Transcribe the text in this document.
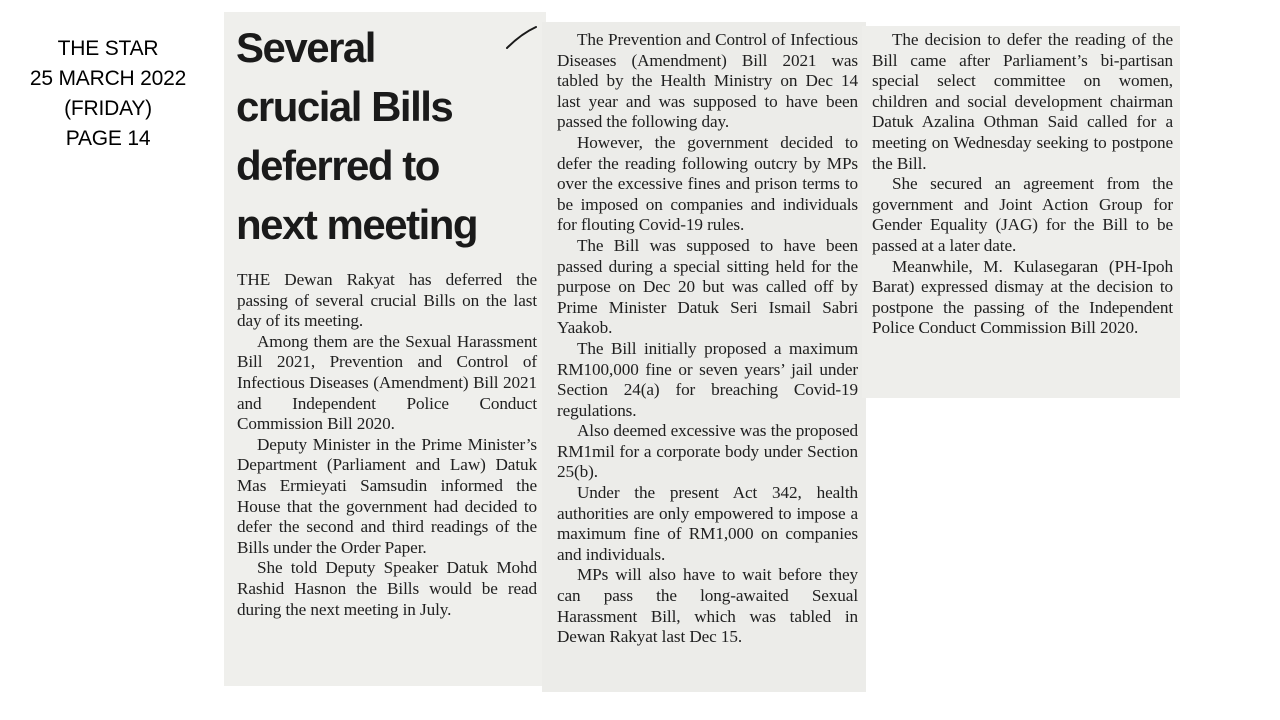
THE STAR
25 MARCH 2022
(FRIDAY)
PAGE 14
Several
crucial Bills
deferred to
next meeting

THE Dewan Rakyat has deferred the passing of several crucial Bills on the last day of its meeting.

Among them are the Sexual Harassment Bill 2021, Prevention and Control of Infectious Diseases (Amendment) Bill 2021 and Independent Police Conduct Commission Bill 2020.

Deputy Minister in the Prime Minister’s Department (Parliament and Law) Datuk Mas Ermieyati Samsudin informed the House that the government had decided to defer the second and third readings of the Bills under the Order Paper.

She told Deputy Speaker Datuk Mohd Rashid Hasnon the Bills would be read during the next meeting in July.

The Prevention and Control of Infectious Diseases (Amendment) Bill 2021 was tabled by the Health Ministry on Dec 14 last year and was supposed to have been passed the following day.

However, the government decided to defer the reading following outcry by MPs over the excessive fines and prison terms to be imposed on companies and individuals for flouting Covid-19 rules.

The Bill was supposed to have been passed during a special sitting held for the purpose on Dec 20 but was called off by Prime Minister Datuk Seri Ismail Sabri Yaakob.

The Bill initially proposed a maximum RM100,000 fine or seven years’ jail under Section 24(a) for breaching Covid-19 regulations.

Also deemed excessive was the proposed RM1mil for a corporate body under Section 25(b).

Under the present Act 342, health authorities are only empowered to impose a maximum fine of RM1,000 on companies and individuals.

MPs will also have to wait before they can pass the long-awaited Sexual Harassment Bill, which was tabled in Dewan Rakyat last Dec 15.

The decision to defer the reading of the Bill came after Parliament’s bi-partisan special select committee on women, children and social development chairman Datuk Azalina Othman Said called for a meeting on Wednesday seeking to postpone the Bill.

She secured an agreement from the government and Joint Action Group for Gender Equality (JAG) for the Bill to be passed at a later date.

Meanwhile, M. Kulasegaran (PH-Ipoh Barat) expressed dismay at the decision to postpone the passing of the Independent Police Conduct Commission Bill 2020.
